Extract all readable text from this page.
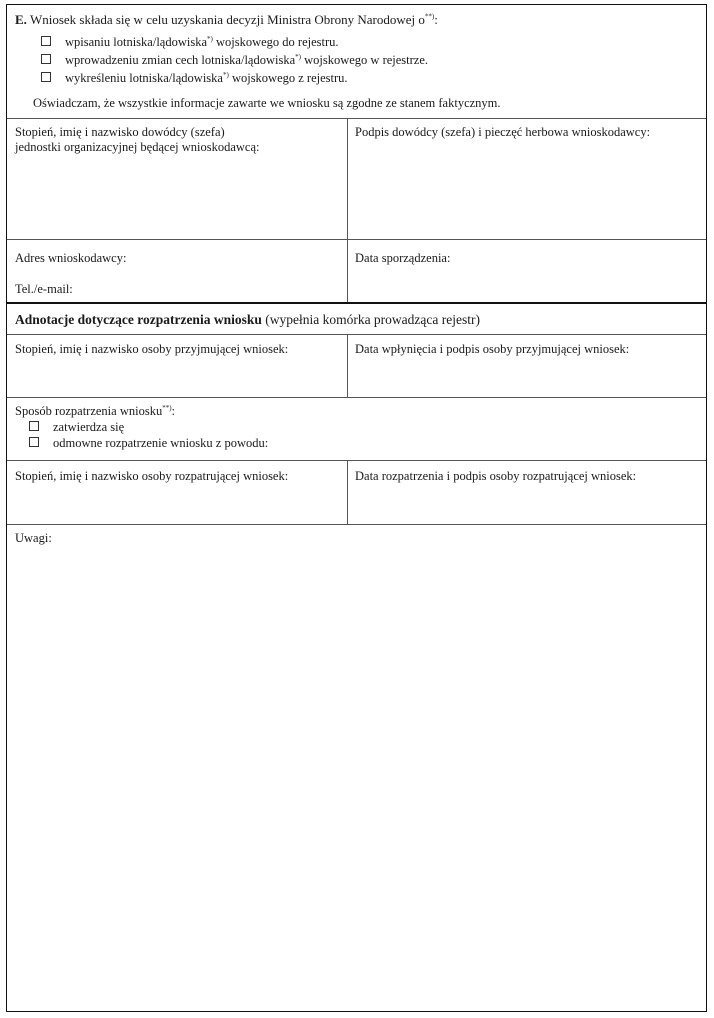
E. Wniosek składa się w celu uzyskania decyzji Ministra Obrony Narodowej o**):
wpisaniu lotniska/lądowiska*) wojskowego do rejestru.
wprowadzeniu zmian cech lotniska/lądowiska*) wojskowego w rejestrze.
wykreśleniu lotniska/lądowiska*) wojskowego z rejestru.
Oświadczam, że wszystkie informacje zawarte we wniosku są zgodne ze stanem faktycznym.
Stopień, imię i nazwisko dowódcy (szefa)
jednostki organizacyjnej będącej wnioskodawcą:
Podpis dowódcy (szefa) i pieczęć herbowa wnioskodawcy:
Adres wnioskodawcy:
Tel./e-mail:
Data sporządzenia:
Adnotacje dotyczące rozpatrzenia wniosku (wypełnia komórka prowadząca rejestr)
Stopień, imię i nazwisko osoby przyjmującej wniosek:	Data wpłynięcia i podpis osoby przyjmującej wniosek:
Sposób rozpatrzenia wniosku**):
zatwierdza się
odmowne rozpatrzenie wniosku z powodu:
Stopień, imię i nazwisko osoby rozpatrującej wniosek:	Data rozpatrzenia i podpis osoby rozpatrującej wniosek:
Uwagi:
